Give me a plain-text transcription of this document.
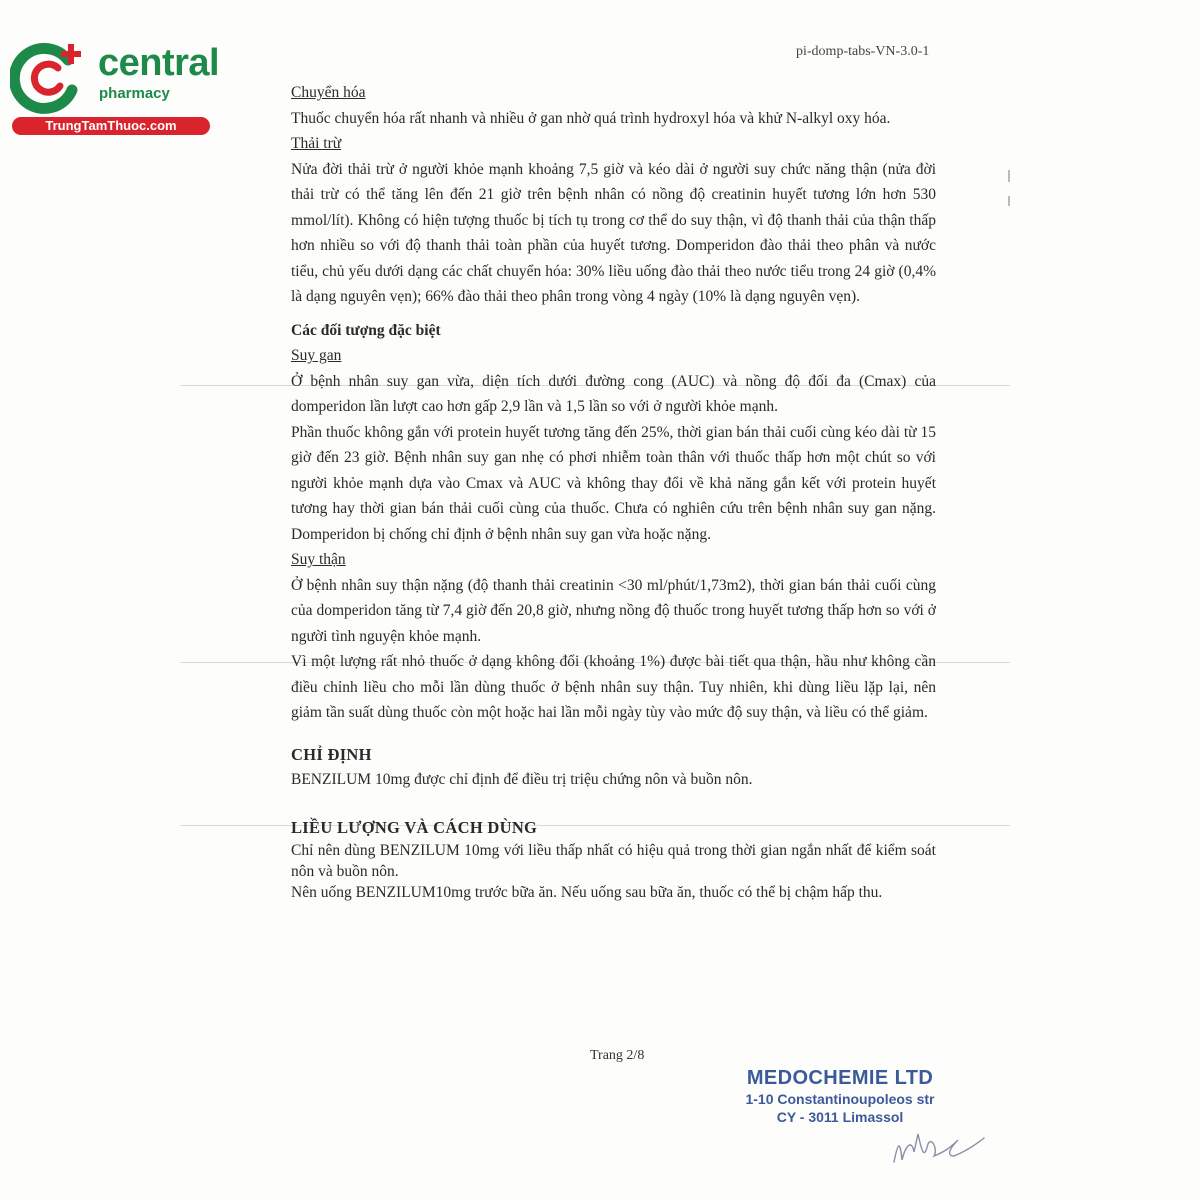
central
pharmacy
TrungTamThuoc.com
pi-domp-tabs-VN-3.0-1

Chuyển hóa

Thuốc chuyển hóa rất nhanh và nhiều ở gan nhờ quá trình hydroxyl hóa và khử N-alkyl oxy hóa.

Thải trừ

Nửa đời thải trừ ở người khỏe mạnh khoảng 7,5 giờ và kéo dài ở người suy chức năng thận (nửa đời thải trừ có thể tăng lên đến 21 giờ trên bệnh nhân có nồng độ creatinin huyết tương lớn hơn 530 mmol/lít). Không có hiện tượng thuốc bị tích tụ trong cơ thể do suy thận, vì độ thanh thải của thận thấp hơn nhiều so với độ thanh thải toàn phần của huyết tương. Domperidon đào thải theo phân và nước tiểu, chủ yếu dưới dạng các chất chuyển hóa: 30% liều uống đào thải theo nước tiểu trong 24 giờ (0,4% là dạng nguyên vẹn); 66% đào thải theo phân trong vòng 4 ngày (10% là dạng nguyên vẹn).

Các đối tượng đặc biệt

Suy gan

Ở bệnh nhân suy gan vừa, diện tích dưới đường cong (AUC) và nồng độ đối đa (Cmax) của domperidon lần lượt cao hơn gấp 2,9 lần và 1,5 lần so với ở người khỏe mạnh.

Phần thuốc không gắn với protein huyết tương tăng đến 25%, thời gian bán thải cuối cùng kéo dài từ 15 giờ đến 23 giờ. Bệnh nhân suy gan nhẹ có phơi nhiễm toàn thân với thuốc thấp hơn một chút so với người khỏe mạnh dựa vào Cmax và AUC và không thay đổi về khả năng gắn kết với protein huyết tương hay thời gian bán thải cuối cùng của thuốc. Chưa có nghiên cứu trên bệnh nhân suy gan nặng. Domperidon bị chống chỉ định ở bệnh nhân suy gan vừa hoặc nặng.

Suy thận

Ở bệnh nhân suy thận nặng (độ thanh thải creatinin <30 ml/phút/1,73m2), thời gian bán thải cuối cùng của domperidon tăng từ 7,4 giờ đến 20,8 giờ, nhưng nồng độ thuốc trong huyết tương thấp hơn so với ở người tình nguyện khỏe mạnh.

Vì một lượng rất nhỏ thuốc ở dạng không đổi (khoảng 1%) được bài tiết qua thận, hầu như không cần điều chỉnh liều cho mỗi lần dùng thuốc ở bệnh nhân suy thận. Tuy nhiên, khi dùng liều lặp lại, nên giảm tần suất dùng thuốc còn một hoặc hai lần mỗi ngày tùy vào mức độ suy thận, và liều có thể giảm.

CHỈ ĐỊNH

BENZILUM 10mg được chỉ định để điều trị triệu chứng nôn và buồn nôn.

LIỀU LƯỢNG VÀ CÁCH DÙNG

Chỉ nên dùng BENZILUM 10mg với liều thấp nhất có hiệu quả trong thời gian ngắn nhất để kiểm soát nôn và buồn nôn.

Nên uống BENZILUM10mg trước bữa ăn. Nếu uống sau bữa ăn, thuốc có thể bị chậm hấp thu.

Trang 2/8
MEDOCHEMIE LTD
1-10 Constantinoupoleos str
CY - 3011 Limassol
